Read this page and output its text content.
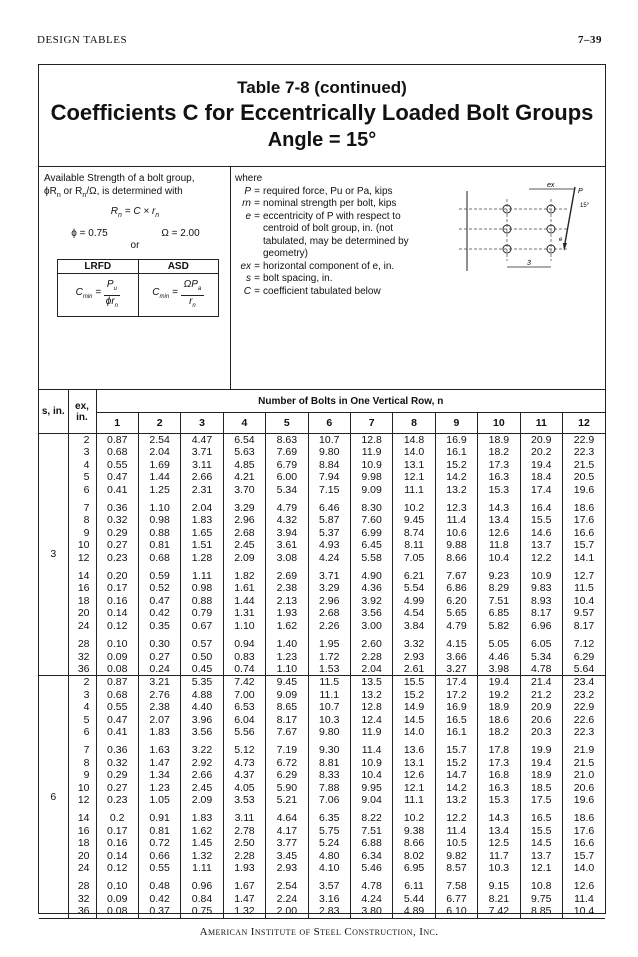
DESIGN TABLES	7–39
Table 7-8 (continued)
Coefficients C for Eccentrically Loaded Bolt Groups
Angle = 15°
Available Strength of a bolt group,
$\phi R_n$ or $R_n/\Omega$, is determined with
$R_n = C \times r_n$
ϕ = 0.75	Ω = 2.00
or
LRFD	ASD
$C_{min}$ =
$P_u$
$\phi r_n$
$C_{min}$ =
$\Omega P_a$
$r_n$
where
P = required force, Pu or Pa, kips
rn = nominal strength per bolt, kips
e = eccentricity of P with respect to centroid of bolt group, in. (not tabulated, may be determined by geometry)
ex = horizontal component of e, in.
s = bolt spacing, in.
C = coefficient tabulated below
ex
P
15°
e
3
s, in.	ex, in.	Number of Bolts in One Vertical Row, n											
		1	2	3	4	5	6	7	8	9	10	11	12
3	2	0.87	2.54	4.47	6.54	8.63	10.7	12.8	14.8	16.9	18.9	20.9	22.9
	3	0.68	2.04	3.71	5.63	7.69	9.80	11.9	14.0	16.1	18.2	20.2	22.3
	4	0.55	1.69	3.11	4.85	6.79	8.84	10.9	13.1	15.2	17.3	19.4	21.5
	5	0.47	1.44	2.66	4.21	6.00	7.94	9.98	12.1	14.2	16.3	18.4	20.5
	6	0.41	1.25	2.31	3.70	5.34	7.15	9.09	11.1	13.2	15.3	17.4	19.6

	7	0.36	1.10	2.04	3.29	4.79	6.46	8.30	10.2	12.3	14.3	16.4	18.6
	8	0.32	0.98	1.83	2.96	4.32	5.87	7.60	9.45	11.4	13.4	15.5	17.6
	9	0.29	0.88	1.65	2.68	3.94	5.37	6.99	8.74	10.6	12.6	14.6	16.6
	10	0.27	0.81	1.51	2.45	3.61	4.93	6.45	8.11	9.88	11.8	13.7	15.7
	12	0.23	0.68	1.28	2.09	3.08	4.24	5.58	7.05	8.66	10.4	12.2	14.1

	14	0.20	0.59	1.11	1.82	2.69	3.71	4.90	6.21	7.67	9.23	10.9	12.7
	16	0.17	0.52	0.98	1.61	2.38	3.29	4.36	5.54	6.86	8.29	9.83	11.5
	18	0.16	0.47	0.88	1.44	2.13	2.96	3.92	4.99	6.20	7.51	8.93	10.4
	20	0.14	0.42	0.79	1.31	1.93	2.68	3.56	4.54	5.65	6.85	8.17	9.57
	24	0.12	0.35	0.67	1.10	1.62	2.26	3.00	3.84	4.79	5.82	6.96	8.17

	28	0.10	0.30	0.57	0.94	1.40	1.95	2.60	3.32	4.15	5.05	6.05	7.12
	32	0.09	0.27	0.50	0.83	1.23	1.72	2.28	2.93	3.66	4.46	5.34	6.29
	36	0.08	0.24	0.45	0.74	1.10	1.53	2.04	2.61	3.27	3.98	4.78	5.64
6	2	0.87	3.21	5.35	7.42	9.45	11.5	13.5	15.5	17.4	19.4	21.4	23.4
	3	0.68	2.76	4.88	7.00	9.09	11.1	13.2	15.2	17.2	19.2	21.2	23.2
	4	0.55	2.38	4.40	6.53	8.65	10.7	12.8	14.9	16.9	18.9	20.9	22.9
	5	0.47	2.07	3.96	6.04	8.17	10.3	12.4	14.5	16.5	18.6	20.6	22.6
	6	0.41	1.83	3.56	5.56	7.67	9.80	11.9	14.0	16.1	18.2	20.3	22.3

	7	0.36	1.63	3.22	5.12	7.19	9.30	11.4	13.6	15.7	17.8	19.9	21.9
	8	0.32	1.47	2.92	4.73	6.72	8.81	10.9	13.1	15.2	17.3	19.4	21.5
	9	0.29	1.34	2.66	4.37	6.29	8.33	10.4	12.6	14.7	16.8	18.9	21.0
	10	0.27	1.23	2.45	4.05	5.90	7.88	9.95	12.1	14.2	16.3	18.5	20.6
	12	0.23	1.05	2.09	3.53	5.21	7.06	9.04	11.1	13.2	15.3	17.5	19.6

	14	0.2	0.91	1.83	3.11	4.64	6.35	8.22	10.2	12.2	14.3	16.5	18.6
	16	0.17	0.81	1.62	2.78	4.17	5.75	7.51	9.38	11.4	13.4	15.5	17.6
	18	0.16	0.72	1.45	2.50	3.77	5.24	6.88	8.66	10.5	12.5	14.5	16.6
	20	0.14	0.66	1.32	2.28	3.45	4.80	6.34	8.02	9.82	11.7	13.7	15.7
	24	0.12	0.55	1.11	1.93	2.93	4.10	5.46	6.95	8.57	10.3	12.1	14.0

	28	0.10	0.48	0.96	1.67	2.54	3.57	4.78	6.11	7.58	9.15	10.8	12.6
	32	0.09	0.42	0.84	1.47	2.24	3.16	4.24	5.44	6.77	8.21	9.75	11.4
	36	0.08	0.37	0.75	1.32	2.00	2.83	3.80	4.89	6.10	7.42	8.85	10.4
American Institute of Steel Construction, Inc.
